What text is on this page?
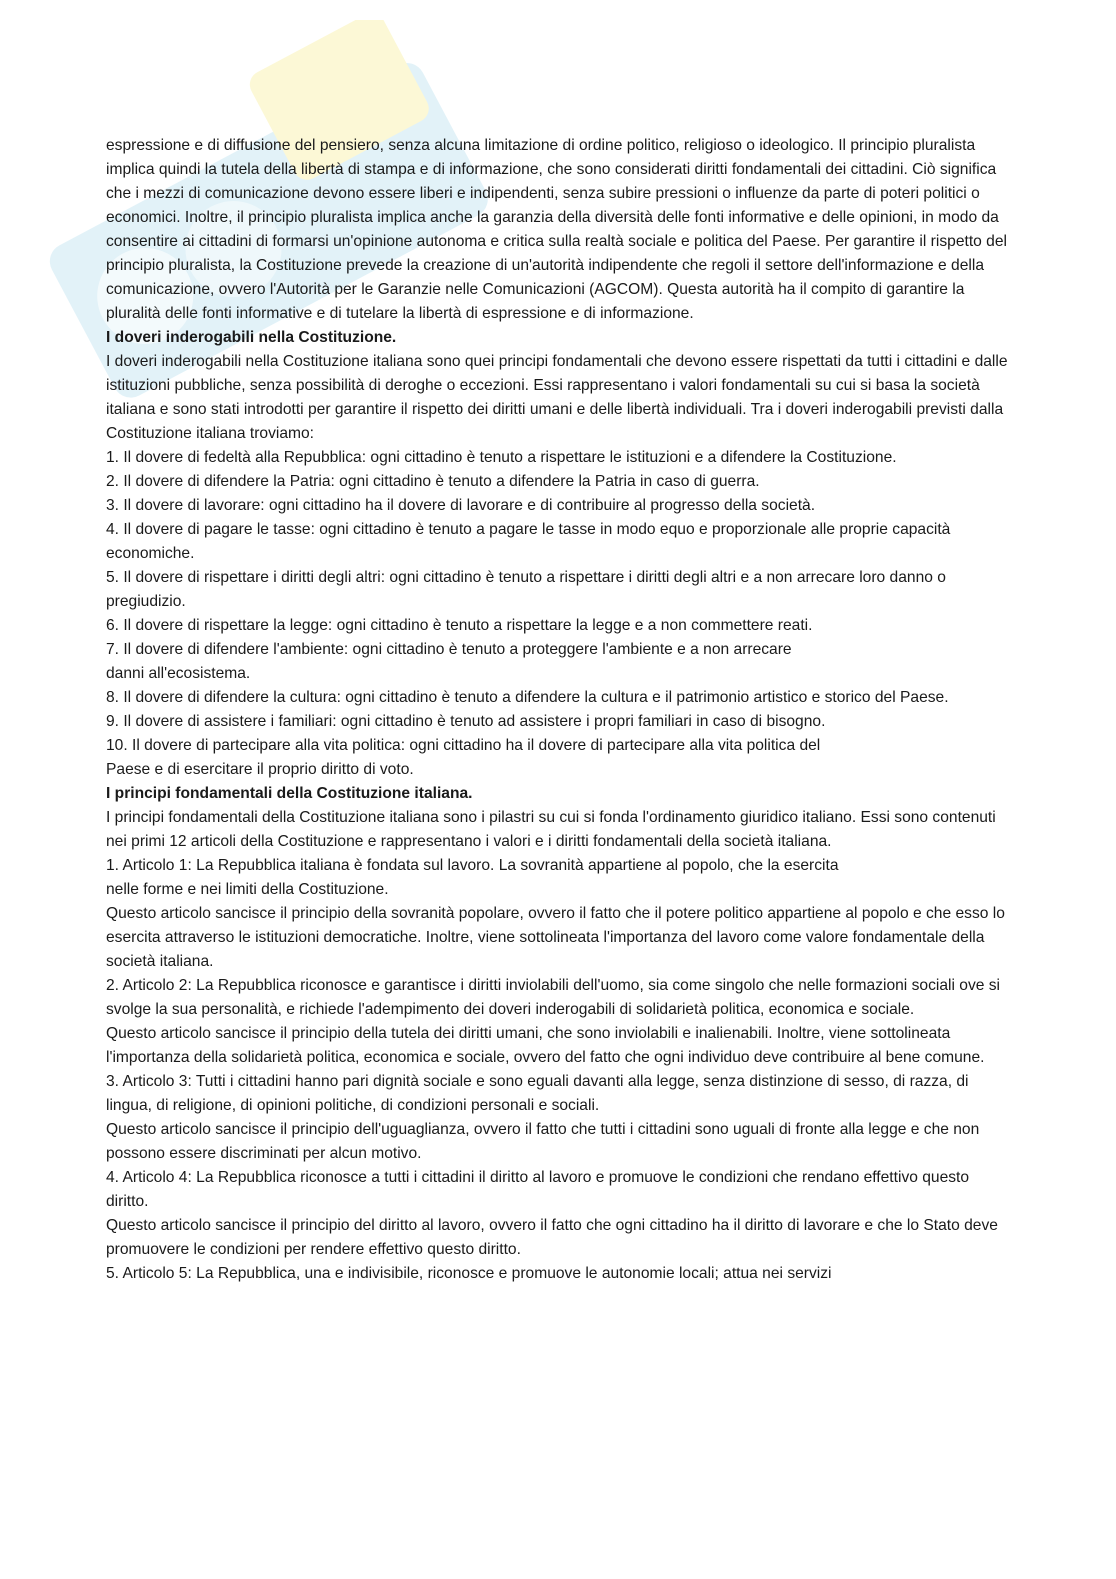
espressione e di diffusione del pensiero, senza alcuna limitazione di ordine politico, religioso o ideologico. Il principio pluralista implica quindi la tutela della libertà di stampa e di informazione, che sono considerati diritti fondamentali dei cittadini. Ciò significa che i mezzi di comunicazione devono essere liberi e indipendenti, senza subire pressioni o influenze da parte di poteri politici o economici. Inoltre, il principio pluralista implica anche la garanzia della diversità delle fonti informative e delle opinioni, in modo da consentire ai cittadini di formarsi un'opinione autonoma e critica sulla realtà sociale e politica del Paese. Per garantire il rispetto del principio pluralista, la Costituzione prevede la creazione di un'autorità indipendente che regoli il settore dell'informazione e della comunicazione, ovvero l'Autorità per le Garanzie nelle Comunicazioni (AGCOM). Questa autorità ha il compito di garantire la pluralità delle fonti informative e di tutelare la libertà di espressione e di informazione.

I doveri inderogabili nella Costituzione.

I doveri inderogabili nella Costituzione italiana sono quei principi fondamentali che devono essere rispettati da tutti i cittadini e dalle istituzioni pubbliche, senza possibilità di deroghe o eccezioni. Essi rappresentano i valori fondamentali su cui si basa la società italiana e sono stati introdotti per garantire il rispetto dei diritti umani e delle libertà individuali. Tra i doveri inderogabili previsti dalla Costituzione italiana troviamo:

1. Il dovere di fedeltà alla Repubblica: ogni cittadino è tenuto a rispettare le istituzioni e a difendere la Costituzione.

2. Il dovere di difendere la Patria: ogni cittadino è tenuto a difendere la Patria in caso di guerra.

3. Il dovere di lavorare: ogni cittadino ha il dovere di lavorare e di contribuire al progresso della società.

4. Il dovere di pagare le tasse: ogni cittadino è tenuto a pagare le tasse in modo equo e proporzionale alle proprie capacità economiche.

5. Il dovere di rispettare i diritti degli altri: ogni cittadino è tenuto a rispettare i diritti degli altri e a non arrecare loro danno o pregiudizio.

6. Il dovere di rispettare la legge: ogni cittadino è tenuto a rispettare la legge e a non commettere reati.

7. Il dovere di difendere l'ambiente: ogni cittadino è tenuto a proteggere l'ambiente e a non arrecare
danni all'ecosistema.

8. Il dovere di difendere la cultura: ogni cittadino è tenuto a difendere la cultura e il patrimonio artistico e storico del Paese.

9. Il dovere di assistere i familiari: ogni cittadino è tenuto ad assistere i propri familiari in caso di bisogno.

10. Il dovere di partecipare alla vita politica: ogni cittadino ha il dovere di partecipare alla vita politica del
Paese e di esercitare il proprio diritto di voto.

I principi fondamentali della Costituzione italiana.

I principi fondamentali della Costituzione italiana sono i pilastri su cui si fonda l'ordinamento giuridico italiano. Essi sono contenuti nei primi 12 articoli della Costituzione e rappresentano i valori e i diritti fondamentali della società italiana.

1. Articolo 1: La Repubblica italiana è fondata sul lavoro. La sovranità appartiene al popolo, che la esercita
nelle forme e nei limiti della Costituzione.

Questo articolo sancisce il principio della sovranità popolare, ovvero il fatto che il potere politico appartiene al popolo e che esso lo esercita attraverso le istituzioni democratiche. Inoltre, viene sottolineata l'importanza del lavoro come valore fondamentale della società italiana.

2. Articolo 2: La Repubblica riconosce e garantisce i diritti inviolabili dell'uomo, sia come singolo che nelle formazioni sociali ove si svolge la sua personalità, e richiede l'adempimento dei doveri inderogabili di solidarietà politica, economica e sociale.

Questo articolo sancisce il principio della tutela dei diritti umani, che sono inviolabili e inalienabili. Inoltre, viene sottolineata l'importanza della solidarietà politica, economica e sociale, ovvero del fatto che ogni individuo deve contribuire al bene comune.

3. Articolo 3: Tutti i cittadini hanno pari dignità sociale e sono eguali davanti alla legge, senza distinzione di sesso, di razza, di lingua, di religione, di opinioni politiche, di condizioni personali e sociali.

Questo articolo sancisce il principio dell'uguaglianza, ovvero il fatto che tutti i cittadini sono uguali di fronte alla legge e che non possono essere discriminati per alcun motivo.

4. Articolo 4: La Repubblica riconosce a tutti i cittadini il diritto al lavoro e promuove le condizioni che rendano effettivo questo diritto.

Questo articolo sancisce il principio del diritto al lavoro, ovvero il fatto che ogni cittadino ha il diritto di lavorare e che lo Stato deve promuovere le condizioni per rendere effettivo questo diritto.

5. Articolo 5: La Repubblica, una e indivisibile, riconosce e promuove le autonomie locali; attua nei servizi
